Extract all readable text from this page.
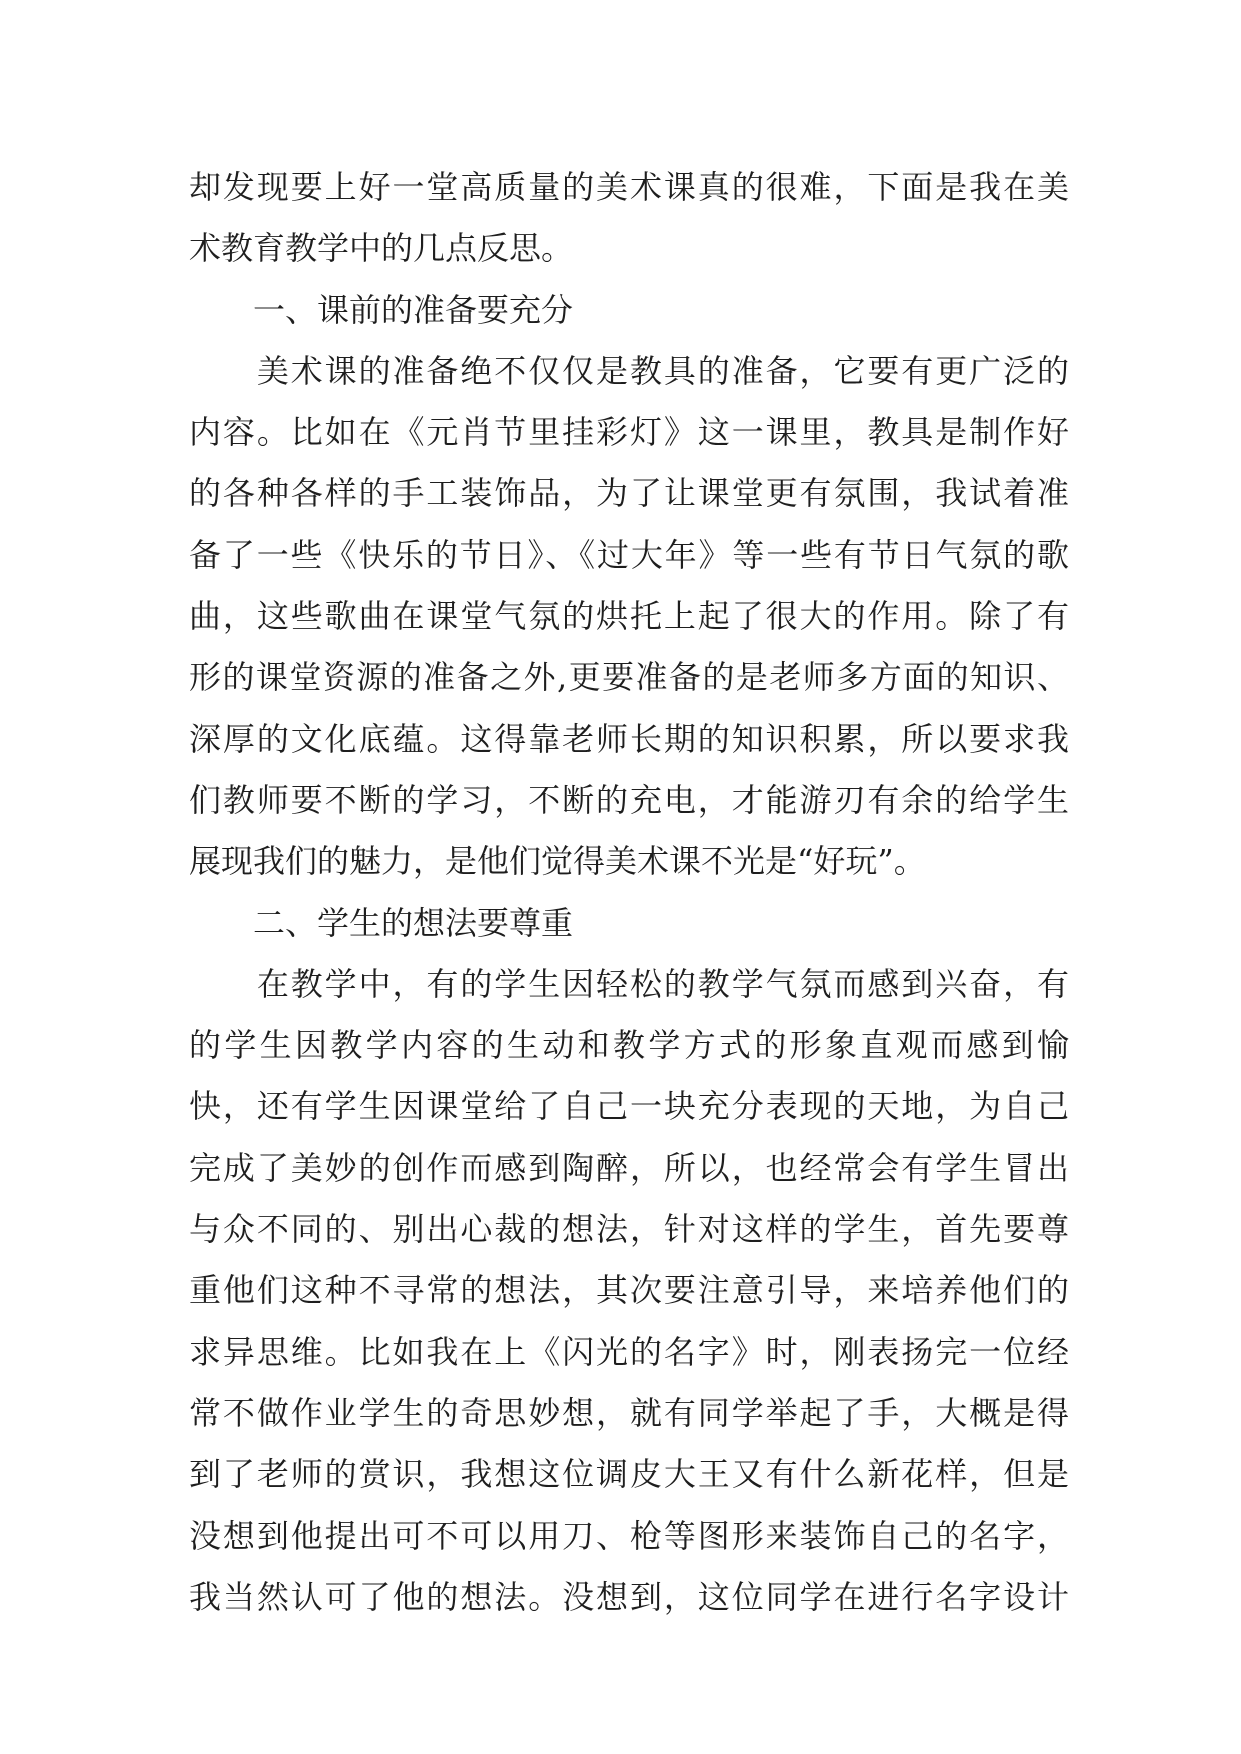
却发现要上好一堂高质量的美术课真的很难，下面是我在美
术教育教学中的几点反思。
　　一、课前的准备要充分
　　美术课的准备绝不仅仅是教具的准备，它要有更广泛的
内容。比如在《元肖节里挂彩灯》这一课里，教具是制作好
的各种各样的手工装饰品，为了让课堂更有氛围，我试着准
备了一些《快乐的节日》、《过大年》等一些有节日气氛的歌
曲，这些歌曲在课堂气氛的烘托上起了很大的作用。除了有
形的课堂资源的准备之外,更要准备的是老师多方面的知识、
深厚的文化底蕴。这得靠老师长期的知识积累，所以要求我
们教师要不断的学习，不断的充电，才能游刃有余的给学生
展现我们的魅力，是他们觉得美术课不光是“好玩”。
　　二、学生的想法要尊重
　　在教学中，有的学生因轻松的教学气氛而感到兴奋，有
的学生因教学内容的生动和教学方式的形象直观而感到愉
快，还有学生因课堂给了自己一块充分表现的天地，为自己
完成了美妙的创作而感到陶醉，所以，也经常会有学生冒出
与众不同的、别出心裁的想法，针对这样的学生，首先要尊
重他们这种不寻常的想法，其次要注意引导，来培养他们的
求异思维。比如我在上《闪光的名字》时，刚表扬完一位经
常不做作业学生的奇思妙想，就有同学举起了手，大概是得
到了老师的赏识，我想这位调皮大王又有什么新花样，但是
没想到他提出可不可以用刀、枪等图形来装饰自己的名字，
我当然认可了他的想法。没想到，这位同学在进行名字设计
